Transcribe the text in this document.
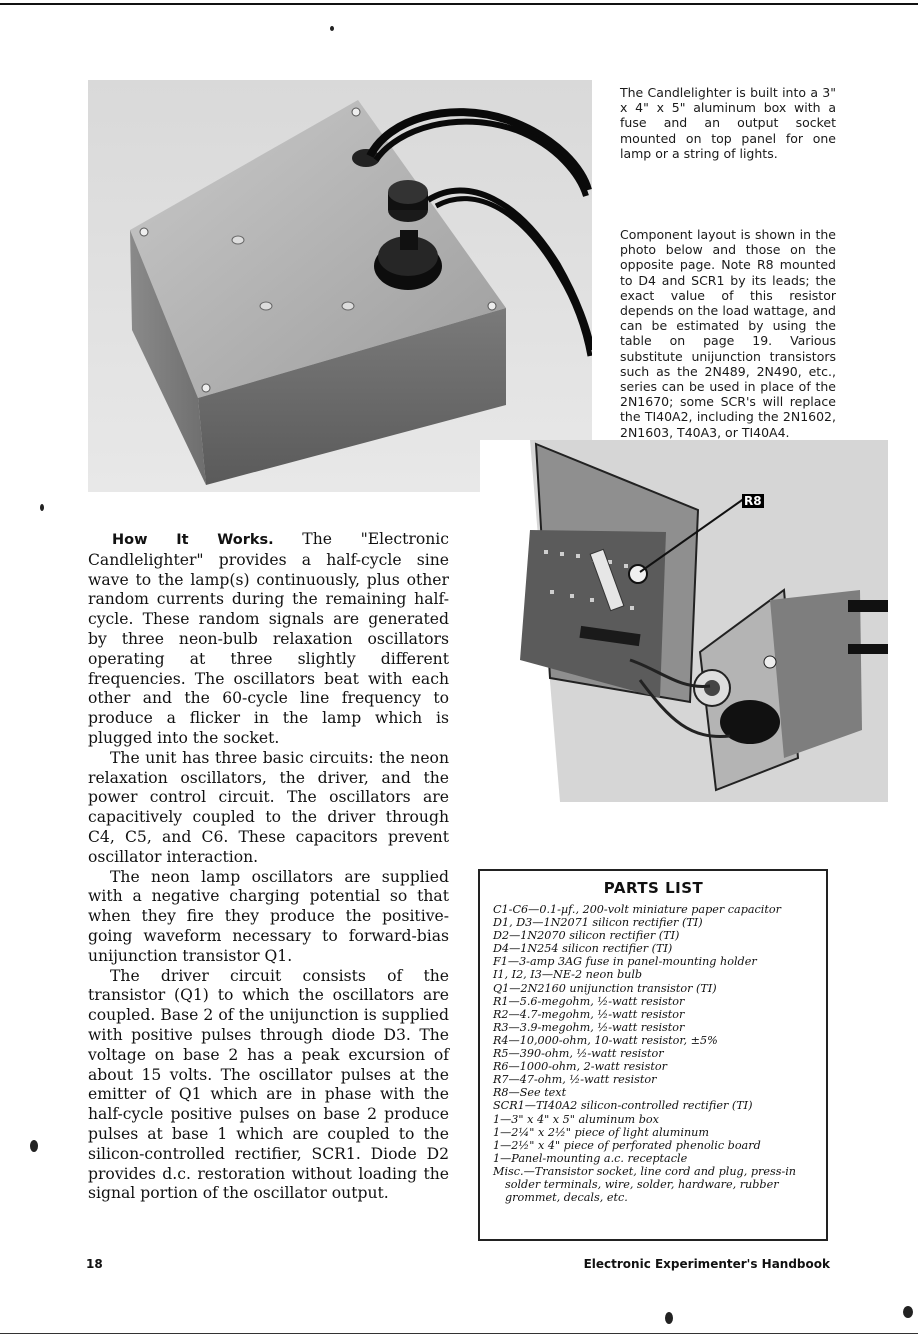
The Candlelighter is built into a 3" x 4" x 5" aluminum box with a fuse and an output socket mounted on top panel for one lamp or a string of lights.
Component layout is shown in the photo below and those on the opposite page. Note R8 mounted to D4 and SCR1 by its leads; the exact value of this resistor depends on the load wattage, and can be estimated by using the table on page 19. Various substitute unijunction transistors such as the 2N489, 2N490, etc., series can be used in place of the 2N1670; some SCR's will replace the TI40A2, including the 2N1602, 2N1603, T40A3, or TI40A4.
R8

How It Works. The "Electronic Candlelighter" provides a half-cycle sine wave to the lamp(s) continuously, plus other random currents during the remaining half-cycle. These random signals are generated by three neon-bulb relaxation oscillators operating at three slightly different frequencies. The oscillators beat with each other and the 60-cycle line frequency to produce a flicker in the lamp which is plugged into the socket.

The unit has three basic circuits: the neon relaxation oscillators, the driver, and the power control circuit. The oscillators are capacitively coupled to the driver through C4, C5, and C6. These capacitors prevent oscillator interaction.

The neon lamp oscillators are supplied with a negative charging potential so that when they fire they produce the positive-going waveform necessary to forward-bias unijunction transistor Q1.

The driver circuit consists of the transistor (Q1) to which the oscillators are coupled. Base 2 of the unijunction is supplied with positive pulses through diode D3. The voltage on base 2 has a peak excursion of about 15 volts. The oscillator pulses at the emitter of Q1 which are in phase with the half-cycle positive pulses on base 2 produce pulses at base 1 which are coupled to the silicon-controlled rectifier, SCR1. Diode D2 provides d.c. restoration without loading the signal portion of the oscillator output.

PARTS LIST
C1-C6—0.1-µf., 200-volt miniature paper capacitor
D1, D3—1N2071 silicon rectifier (TI)
D2—1N2070 silicon rectifier (TI)
D4—1N254 silicon rectifier (TI)
F1—3-amp 3AG fuse in panel-mounting holder
I1, I2, I3—NE-2 neon bulb
Q1—2N2160 unijunction transistor (TI)
R1—5.6-megohm, ½-watt resistor
R2—4.7-megohm, ½-watt resistor
R3—3.9-megohm, ½-watt resistor
R4—10,000-ohm, 10-watt resistor, ±5%
R5—390-ohm, ½-watt resistor
R6—1000-ohm, 2-watt resistor
R7—47-ohm, ½-watt resistor
R8—See text
SCR1—TI40A2 silicon-controlled rectifier (TI)
1—3" x 4" x 5" aluminum box
1—2¼" x 2½" piece of light aluminum
1—2½" x 4" piece of perforated phenolic board
1—Panel-mounting a.c. receptacle
Misc.—Transistor socket, line cord and plug, press-in solder terminals, wire, solder, hardware, rubber grommet, decals, etc.
18	Electronic Experimenter's Handbook
